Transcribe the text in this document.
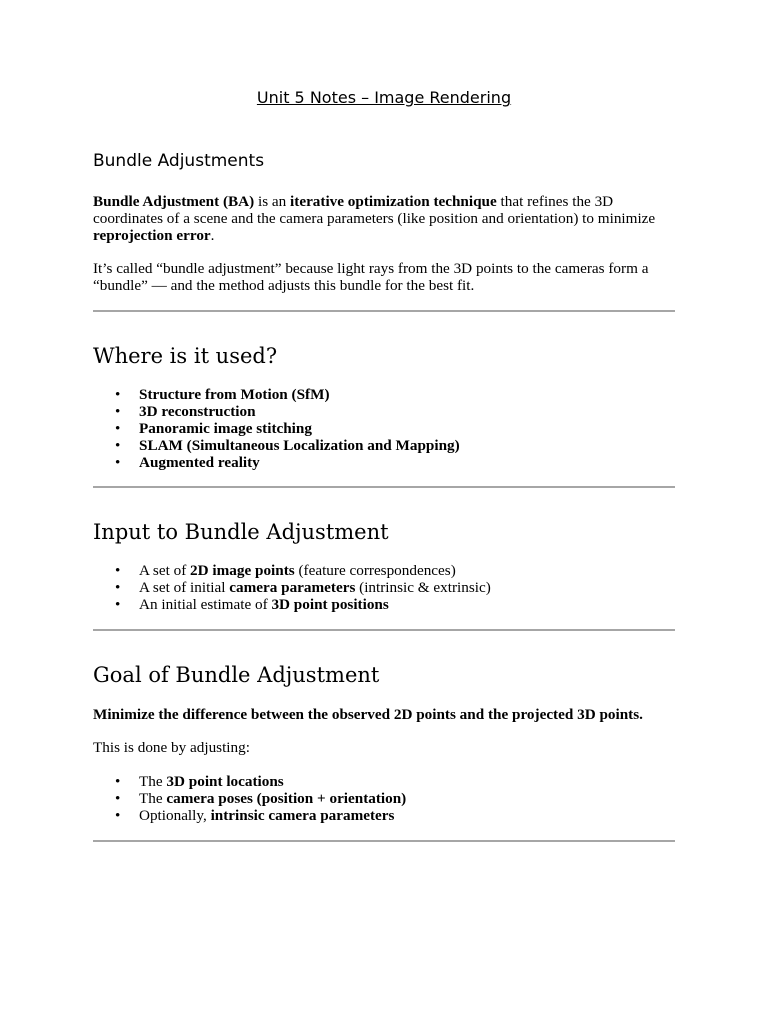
Unit 5 Notes – Image Rendering
Bundle Adjustments

Bundle Adjustment (BA) is an iterative optimization technique that refines the 3D coordinates of a scene and the camera parameters (like position and orientation) to minimize reprojection error.

It’s called “bundle adjustment” because light rays from the 3D points to the cameras form a “bundle” — and the method adjusts this bundle for the best fit.

Where is it used?
• Structure from Motion (SfM)
• 3D reconstruction
• Panoramic image stitching
• SLAM (Simultaneous Localization and Mapping)
• Augmented reality
Input to Bundle Adjustment
• A set of 2D image points (feature correspondences)
• A set of initial camera parameters (intrinsic & extrinsic)
• An initial estimate of 3D point positions
Goal of Bundle Adjustment

Minimize the difference between the observed 2D points and the projected 3D points.

This is done by adjusting:

• The 3D point locations
• The camera poses (position + orientation)
• Optionally, intrinsic camera parameters
